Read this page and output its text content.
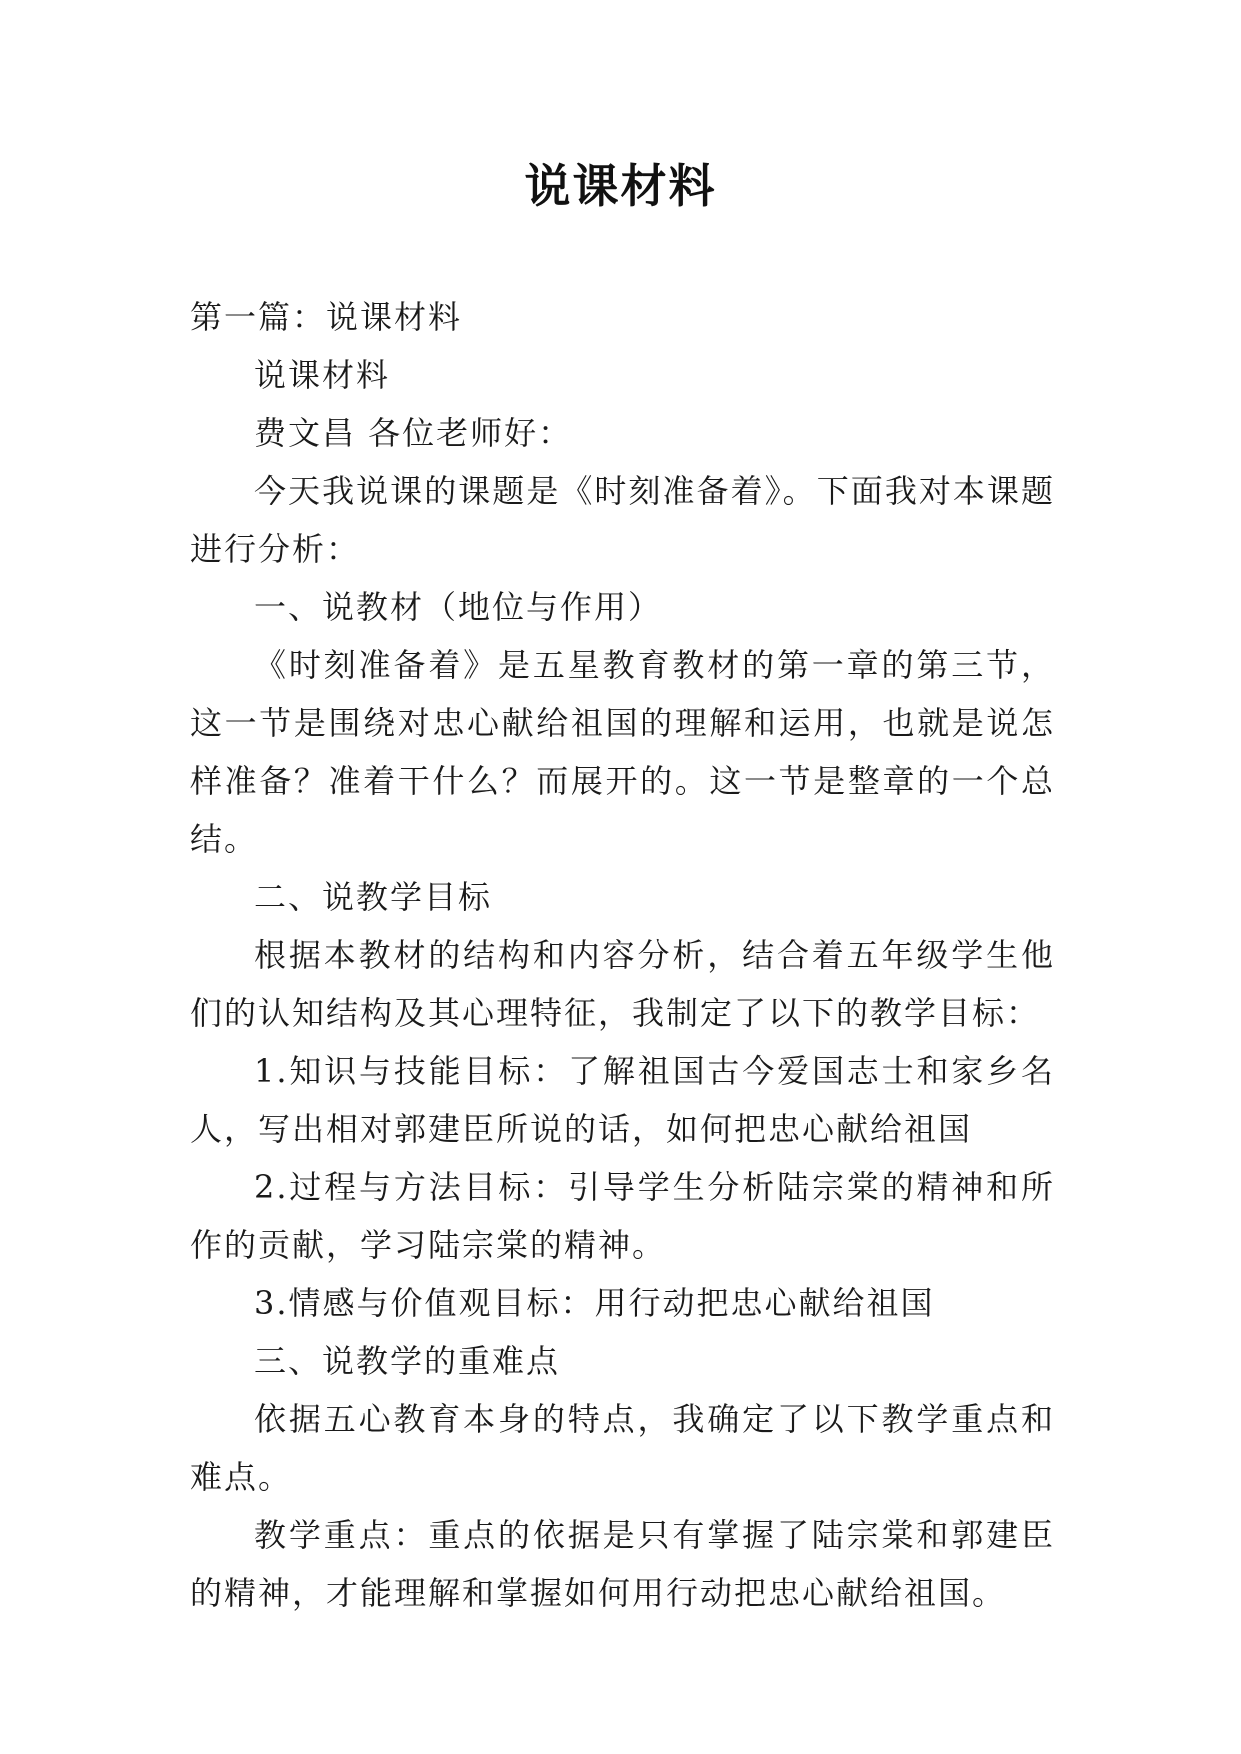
说课材料

第一篇：说课材料

说课材料

费文昌 各位老师好：

今天我说课的课题是《时刻准备着》。下面我对本课题进行分析：

一、说教材（地位与作用）

《时刻准备着》是五星教育教材的第一章的第三节，这一节是围绕对忠心献给祖国的理解和运用，也就是说怎样准备？准着干什么？而展开的。这一节是整章的一个总结。

二、说教学目标

根据本教材的结构和内容分析，结合着五年级学生他们的认知结构及其心理特征，我制定了以下的教学目标：

1.知识与技能目标：了解祖国古今爱国志士和家乡名人，写出相对郭建臣所说的话，如何把忠心献给祖国

2.过程与方法目标：引导学生分析陆宗棠的精神和所作的贡献，学习陆宗棠的精神。

3.情感与价值观目标：用行动把忠心献给祖国

三、说教学的重难点

依据五心教育本身的特点，我确定了以下教学重点和难点。

教学重点：重点的依据是只有掌握了陆宗棠和郭建臣的精神，才能理解和掌握如何用行动把忠心献给祖国。
